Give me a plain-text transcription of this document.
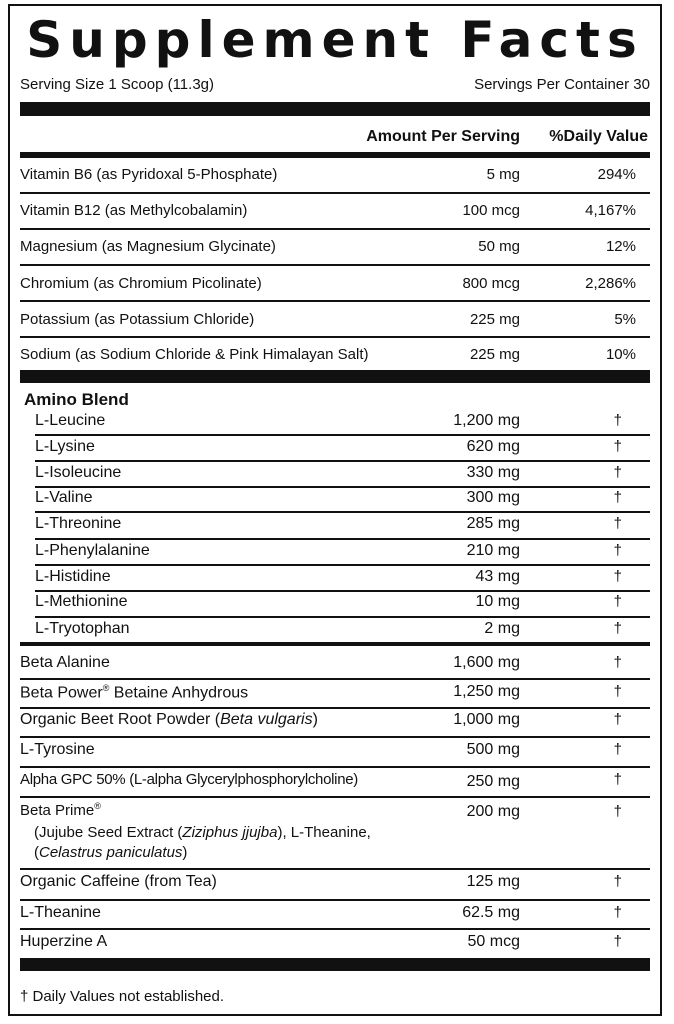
Supplement Facts
Serving Size 1 Scoop (11.3g)	Servings Per Container 30
Amount Per Serving %Daily Value
Vitamin B6 (as Pyridoxal 5-Phosphate)	5 mg	294%
Vitamin B12 (as Methylcobalamin)	100 mcg	4,167%
Magnesium (as Magnesium Glycinate)	50 mg	12%
Chromium (as Chromium Picolinate)	800 mcg	2,286%
Potassium (as Potassium Chloride)	225 mg	5%
Sodium (as Sodium Chloride & Pink Himalayan Salt)	225 mg	10%
Amino Blend
L-Leucine	1,200 mg	†
L-Lysine	620 mg	†
L-Isoleucine	330 mg	†
L-Valine	300 mg	†
L-Threonine	285 mg	†
L-Phenylalanine	210 mg	†
L-Histidine	43 mg	†
L-Methionine	10 mg	†
L-Tryotophan	2 mg	†
Beta Alanine	1,600 mg	†
Beta Power® Betaine Anhydrous	1,250 mg	†
Organic Beet Root Powder (Beta vulgaris)	1,000 mg	†
L-Tyrosine	500 mg	†
Alpha GPC 50% (L-alpha Glycerylphosphorylcholine)	250 mg	†
Beta Prime®	200 mg	†
(Jujube Seed Extract (Ziziphus jjujba), L-Theanine,
(Celastrus paniculatus)
Organic Caffeine (from Tea)	125 mg	†
L-Theanine	62.5 mg	†
Huperzine A	50 mcg	†
† Daily Values not established.
